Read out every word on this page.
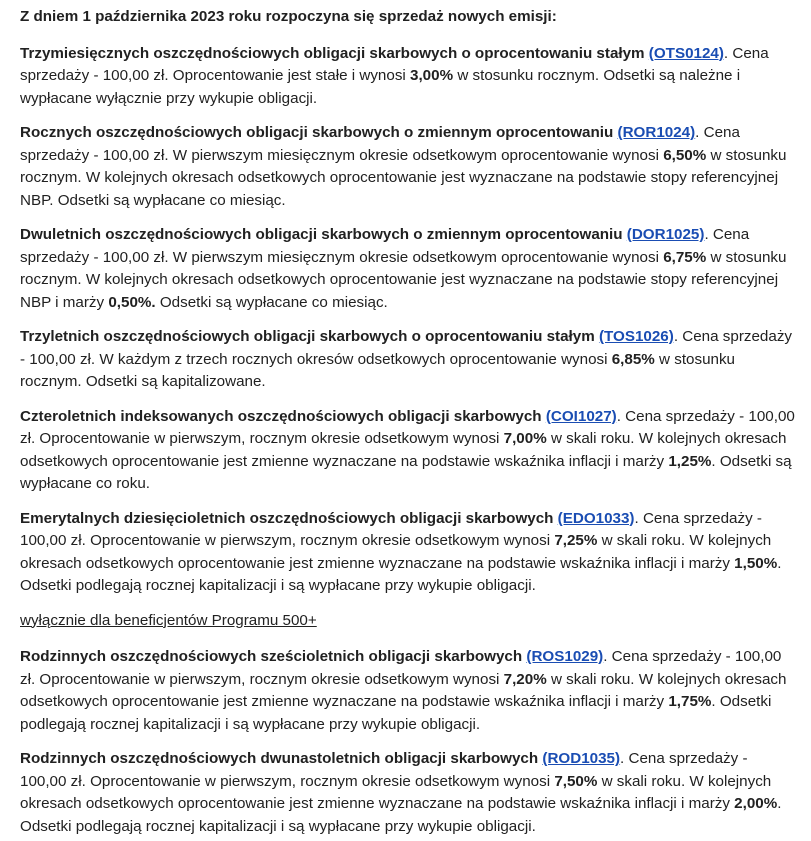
Z dniem 1 października 2023 roku rozpoczyna się sprzedaż nowych emisji:

Trzymiesięcznych oszczędnościowych obligacji skarbowych o oprocentowaniu stałym (OTS0124). Cena sprzedaży - 100,00 zł. Oprocentowanie jest stałe i wynosi 3,00% w stosunku rocznym. Odsetki są należne i wypłacane wyłącznie przy wykupie obligacji.

Rocznych oszczędnościowych obligacji skarbowych o zmiennym oprocentowaniu (ROR1024). Cena sprzedaży - 100,00 zł. W pierwszym miesięcznym okresie odsetkowym oprocentowanie wynosi 6,50% w stosunku rocznym. W kolejnych okresach odsetkowych oprocentowanie jest wyznaczane na podstawie stopy referencyjnej NBP. Odsetki są wypłacane co miesiąc.

Dwuletnich oszczędnościowych obligacji skarbowych o zmiennym oprocentowaniu (DOR1025). Cena sprzedaży - 100,00 zł. W pierwszym miesięcznym okresie odsetkowym oprocentowanie wynosi 6,75% w stosunku rocznym. W kolejnych okresach odsetkowych oprocentowanie jest wyznaczane na podstawie stopy referencyjnej NBP i marży 0,50%. Odsetki są wypłacane co miesiąc.

Trzyletnich oszczędnościowych obligacji skarbowych o oprocentowaniu stałym (TOS1026). Cena sprzedaży - 100,00 zł. W każdym z trzech rocznych okresów odsetkowych oprocentowanie wynosi 6,85% w stosunku rocznym. Odsetki są kapitalizowane.

Czteroletnich indeksowanych oszczędnościowych obligacji skarbowych (COI1027). Cena sprzedaży - 100,00 zł. Oprocentowanie w pierwszym, rocznym okresie odsetkowym wynosi 7,00% w skali roku. W kolejnych okresach odsetkowych oprocentowanie jest zmienne wyznaczane na podstawie wskaźnika inflacji i marży 1,25%. Odsetki są wypłacane co roku.

Emerytalnych dziesięcioletnich oszczędnościowych obligacji skarbowych (EDO1033). Cena sprzedaży - 100,00 zł. Oprocentowanie w pierwszym, rocznym okresie odsetkowym wynosi 7,25% w skali roku. W kolejnych okresach odsetkowych oprocentowanie jest zmienne wyznaczane na podstawie wskaźnika inflacji i marży 1,50%. Odsetki podlegają rocznej kapitalizacji i są wypłacane przy wykupie obligacji.

wyłącznie dla beneficjentów Programu 500+

Rodzinnych oszczędnościowych sześcioletnich obligacji skarbowych (ROS1029). Cena sprzedaży - 100,00 zł. Oprocentowanie w pierwszym, rocznym okresie odsetkowym wynosi 7,20% w skali roku. W kolejnych okresach odsetkowych oprocentowanie jest zmienne wyznaczane na podstawie wskaźnika inflacji i marży 1,75%. Odsetki podlegają rocznej kapitalizacji i są wypłacane przy wykupie obligacji.

Rodzinnych oszczędnościowych dwunastoletnich obligacji skarbowych (ROD1035). Cena sprzedaży - 100,00 zł. Oprocentowanie w pierwszym, rocznym okresie odsetkowym wynosi 7,50% w skali roku. W kolejnych okresach odsetkowych oprocentowanie jest zmienne wyznaczane na podstawie wskaźnika inflacji i marży 2,00%. Odsetki podlegają rocznej kapitalizacji i są wypłacane przy wykupie obligacji.
